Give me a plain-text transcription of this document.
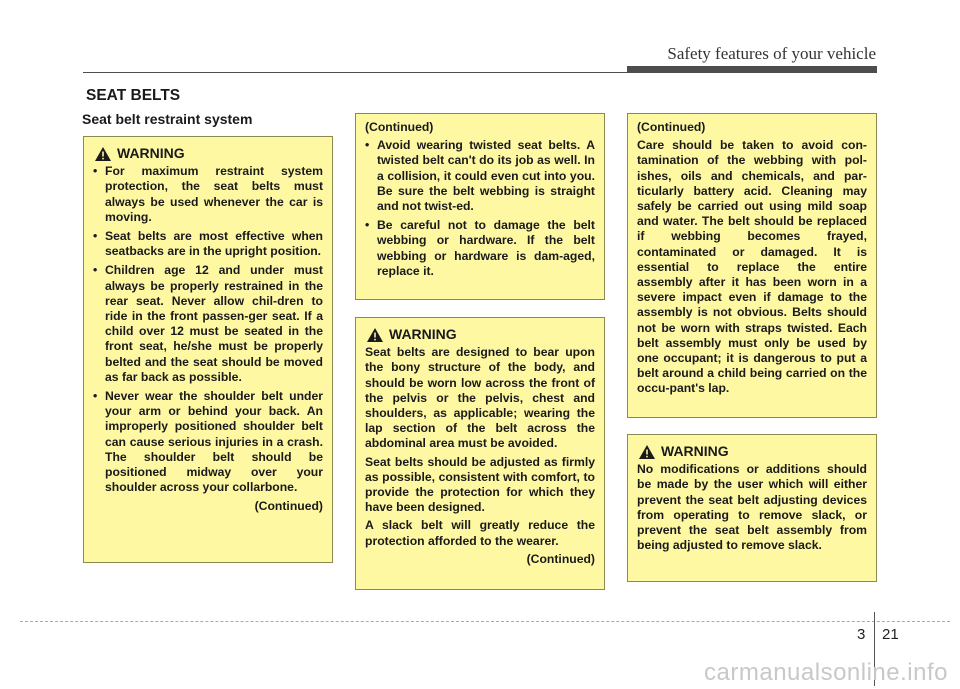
Safety features of your vehicle
SEAT BELTS
Seat belt restraint system
WARNING
• For maximum restraint system protection, the seat belts must always be used whenever the car is moving.
• Seat belts are most effective when seatbacks are in the upright position.
• Children age 12 and under must always be properly restrained in the rear seat. Never allow chil-dren to ride in the front passen-ger seat. If a child over 12 must be seated in the front seat, he/she must be properly belted and the seat should be moved as far back as possible.
• Never wear the shoulder belt under your arm or behind your back. An improperly positioned shoulder belt can cause serious injuries in a crash. The shoulder belt should be positioned midway over your shoulder across your collarbone.
(Continued)

(Continued)

• Avoid wearing twisted seat belts. A twisted belt can't do its job as well. In a collision, it could even cut into you. Be sure the belt webbing is straight and not twist-ed.
• Be careful not to damage the belt webbing or hardware. If the belt webbing or hardware is dam-aged, replace it.
WARNING

Seat belts are designed to bear upon the bony structure of the body, and should be worn low across the front of the pelvis or the pelvis, chest and shoulders, as applicable; wearing the lap section of the belt across the abdominal area must be avoided.

Seat belts should be adjusted as firmly as possible, consistent with comfort, to provide the protection for which they have been designed.

A slack belt will greatly reduce the protection afforded to the wearer.

(Continued)

(Continued)

Care should be taken to avoid con-tamination of the webbing with pol-ishes, oils and chemicals, and par-ticularly battery acid. Cleaning may safely be carried out using mild soap and water. The belt should be replaced if webbing becomes frayed, contaminated or damaged. It is essential to replace the entire assembly after it has been worn in a severe impact even if damage to the assembly is not obvious. Belts should not be worn with straps twisted. Each belt assembly must only be used by one occupant; it is dangerous to put a belt around a child being carried on the occu-pant's lap.

WARNING

No modifications or additions should be made by the user which will either prevent the seat belt adjusting devices from operating to remove slack, or prevent the seat belt assembly from being adjusted to remove slack.

3 21
carmanualsonline.info
